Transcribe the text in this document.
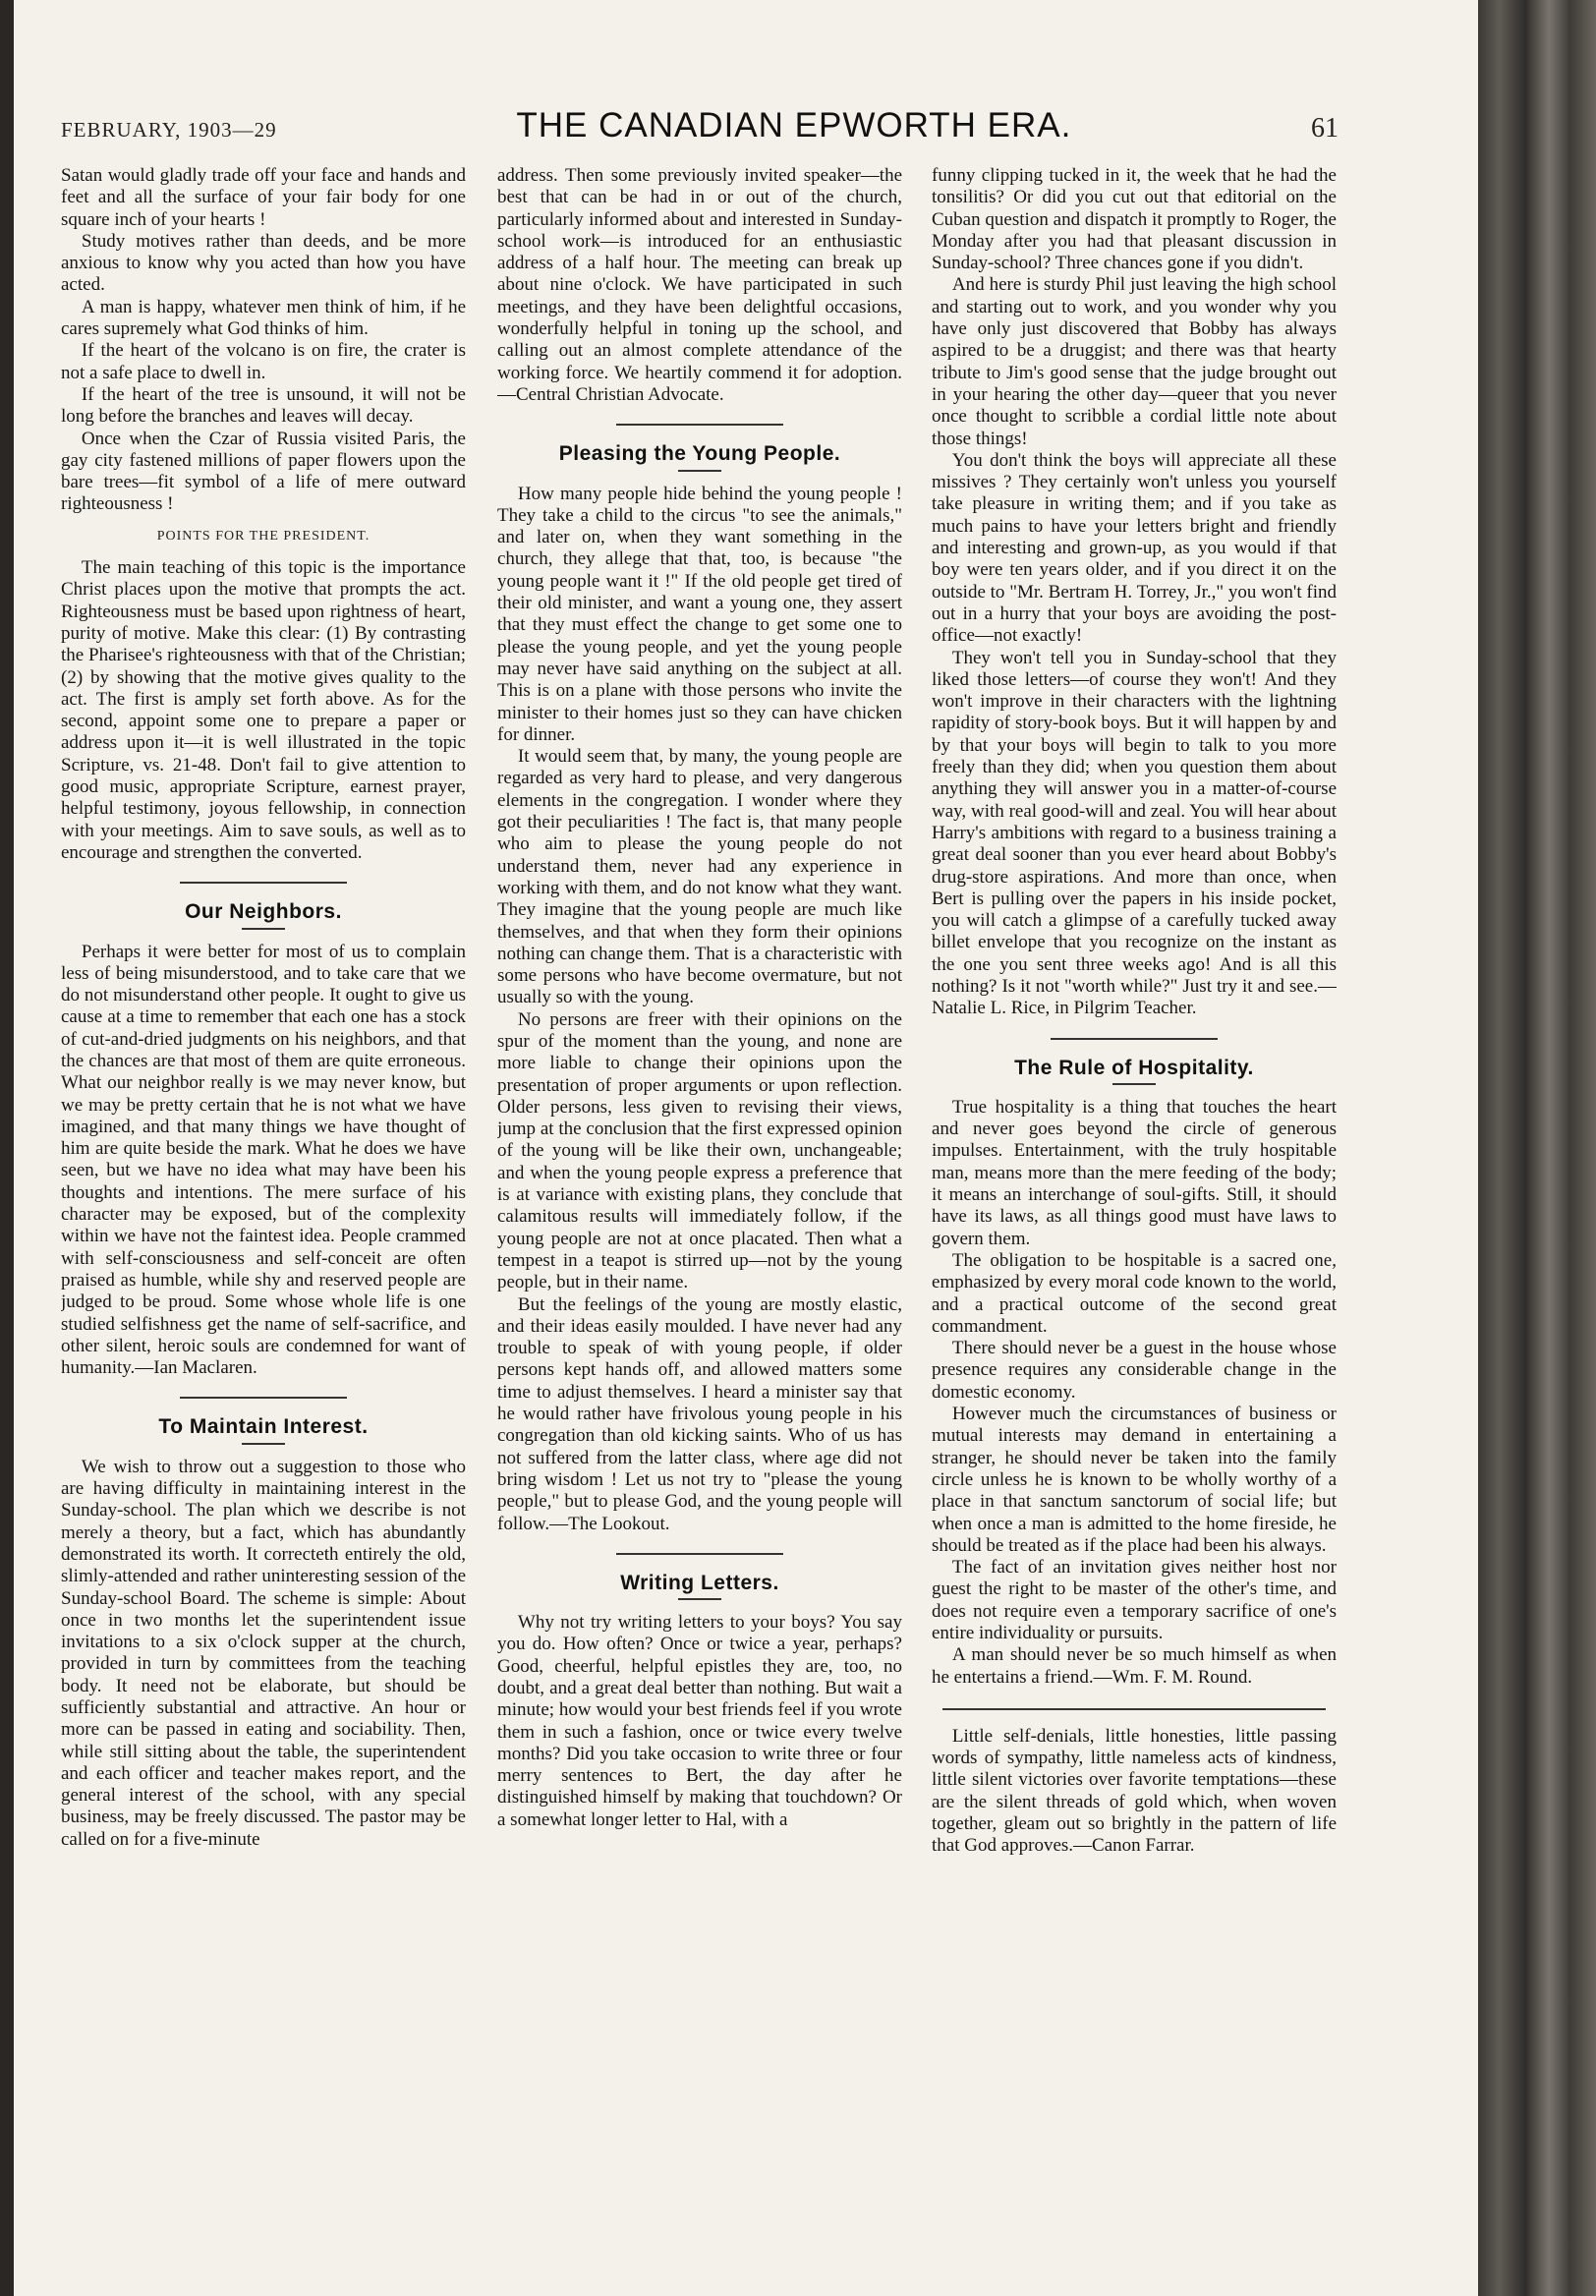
FEBRUARY, 1903—29	THE CANADIAN EPWORTH ERA.	61

Satan would gladly trade off your face and hands and feet and all the surface of your fair body for one square inch of your hearts !

Study motives rather than deeds, and be more anxious to know why you acted than how you have acted.

A man is happy, whatever men think of him, if he cares supremely what God thinks of him.

If the heart of the volcano is on fire, the crater is not a safe place to dwell in.

If the heart of the tree is unsound, it will not be long before the branches and leaves will decay.

Once when the Czar of Russia visited Paris, the gay city fastened millions of paper flowers upon the bare trees—fit symbol of a life of mere outward righteousness !

POINTS FOR THE PRESIDENT.

The main teaching of this topic is the importance Christ places upon the motive that prompts the act. Righteousness must be based upon rightness of heart, purity of motive. Make this clear: (1) By contrasting the Pharisee's righteousness with that of the Christian; (2) by showing that the motive gives quality to the act. The first is amply set forth above. As for the second, appoint some one to prepare a paper or address upon it—it is well illustrated in the topic Scripture, vs. 21-48. Don't fail to give attention to good music, appropriate Scripture, earnest prayer, helpful testimony, joyous fellowship, in connection with your meetings. Aim to save souls, as well as to encourage and strengthen the converted.

Our Neighbors.

Perhaps it were better for most of us to complain less of being misunderstood, and to take care that we do not misunderstand other people. It ought to give us cause at a time to remember that each one has a stock of cut-and-dried judgments on his neighbors, and that the chances are that most of them are quite erroneous. What our neighbor really is we may never know, but we may be pretty certain that he is not what we have imagined, and that many things we have thought of him are quite beside the mark. What he does we have seen, but we have no idea what may have been his thoughts and intentions. The mere surface of his character may be exposed, but of the complexity within we have not the faintest idea. People crammed with self-consciousness and self-conceit are often praised as humble, while shy and reserved people are judged to be proud. Some whose whole life is one studied selfishness get the name of self-sacrifice, and other silent, heroic souls are condemned for want of humanity.—Ian Maclaren.

To Maintain Interest.

We wish to throw out a suggestion to those who are having difficulty in maintaining interest in the Sunday-school. The plan which we describe is not merely a theory, but a fact, which has abundantly demonstrated its worth. It correcteth entirely the old, slimly-attended and rather uninteresting session of the Sunday-school Board. The scheme is simple: About once in two months let the superintendent issue invitations to a six o'clock supper at the church, provided in turn by committees from the teaching body. It need not be elaborate, but should be sufficiently substantial and attractive. An hour or more can be passed in eating and sociability. Then, while still sitting about the table, the superintendent and each officer and teacher makes report, and the general interest of the school, with any special business, may be freely discussed. The pastor may be called on for a five-minute

address. Then some previously invited speaker—the best that can be had in or out of the church, particularly informed about and interested in Sunday-school work—is introduced for an enthusiastic address of a half hour. The meeting can break up about nine o'clock. We have participated in such meetings, and they have been delightful occasions, wonderfully helpful in toning up the school, and calling out an almost complete attendance of the working force. We heartily commend it for adoption.—Central Christian Advocate.

Pleasing the Young People.

How many people hide behind the young people ! They take a child to the circus "to see the animals," and later on, when they want something in the church, they allege that that, too, is because "the young people want it !" If the old people get tired of their old minister, and want a young one, they assert that they must effect the change to get some one to please the young people, and yet the young people may never have said anything on the subject at all. This is on a plane with those persons who invite the minister to their homes just so they can have chicken for dinner.

It would seem that, by many, the young people are regarded as very hard to please, and very dangerous elements in the congregation. I wonder where they got their peculiarities ! The fact is, that many people who aim to please the young people do not understand them, never had any experience in working with them, and do not know what they want. They imagine that the young people are much like themselves, and that when they form their opinions nothing can change them. That is a characteristic with some persons who have become overmature, but not usually so with the young.

No persons are freer with their opinions on the spur of the moment than the young, and none are more liable to change their opinions upon the presentation of proper arguments or upon reflection. Older persons, less given to revising their views, jump at the conclusion that the first expressed opinion of the young will be like their own, unchangeable; and when the young people express a preference that is at variance with existing plans, they conclude that calamitous results will immediately follow, if the young people are not at once placated. Then what a tempest in a teapot is stirred up—not by the young people, but in their name.

But the feelings of the young are mostly elastic, and their ideas easily moulded. I have never had any trouble to speak of with young people, if older persons kept hands off, and allowed matters some time to adjust themselves. I heard a minister say that he would rather have frivolous young people in his congregation than old kicking saints. Who of us has not suffered from the latter class, where age did not bring wisdom ! Let us not try to "please the young people," but to please God, and the young people will follow.—The Lookout.

Writing Letters.

Why not try writing letters to your boys? You say you do. How often? Once or twice a year, perhaps? Good, cheerful, helpful epistles they are, too, no doubt, and a great deal better than nothing. But wait a minute; how would your best friends feel if you wrote them in such a fashion, once or twice every twelve months? Did you take occasion to write three or four merry sentences to Bert, the day after he distinguished himself by making that touchdown? Or a somewhat longer letter to Hal, with a

funny clipping tucked in it, the week that he had the tonsilitis? Or did you cut out that editorial on the Cuban question and dispatch it promptly to Roger, the Monday after you had that pleasant discussion in Sunday-school? Three chances gone if you didn't.

And here is sturdy Phil just leaving the high school and starting out to work, and you wonder why you have only just discovered that Bobby has always aspired to be a druggist; and there was that hearty tribute to Jim's good sense that the judge brought out in your hearing the other day—queer that you never once thought to scribble a cordial little note about those things!

You don't think the boys will appreciate all these missives ? They certainly won't unless you yourself take pleasure in writing them; and if you take as much pains to have your letters bright and friendly and interesting and grown-up, as you would if that boy were ten years older, and if you direct it on the outside to "Mr. Bertram H. Torrey, Jr.," you won't find out in a hurry that your boys are avoiding the post-office—not exactly!

They won't tell you in Sunday-school that they liked those letters—of course they won't! And they won't improve in their characters with the lightning rapidity of story-book boys. But it will happen by and by that your boys will begin to talk to you more freely than they did; when you question them about anything they will answer you in a matter-of-course way, with real good-will and zeal. You will hear about Harry's ambitions with regard to a business training a great deal sooner than you ever heard about Bobby's drug-store aspirations. And more than once, when Bert is pulling over the papers in his inside pocket, you will catch a glimpse of a carefully tucked away billet envelope that you recognize on the instant as the one you sent three weeks ago! And is all this nothing? Is it not "worth while?" Just try it and see.—Natalie L. Rice, in Pilgrim Teacher.

The Rule of Hospitality.

True hospitality is a thing that touches the heart and never goes beyond the circle of generous impulses. Entertainment, with the truly hospitable man, means more than the mere feeding of the body; it means an interchange of soul-gifts. Still, it should have its laws, as all things good must have laws to govern them.

The obligation to be hospitable is a sacred one, emphasized by every moral code known to the world, and a practical outcome of the second great commandment.

There should never be a guest in the house whose presence requires any considerable change in the domestic economy.

However much the circumstances of business or mutual interests may demand in entertaining a stranger, he should never be taken into the family circle unless he is known to be wholly worthy of a place in that sanctum sanctorum of social life; but when once a man is admitted to the home fireside, he should be treated as if the place had been his always.

The fact of an invitation gives neither host nor guest the right to be master of the other's time, and does not require even a temporary sacrifice of one's entire individuality or pursuits.

A man should never be so much himself as when he entertains a friend.—Wm. F. M. Round.

Little self-denials, little honesties, little passing words of sympathy, little nameless acts of kindness, little silent victories over favorite temptations—these are the silent threads of gold which, when woven together, gleam out so brightly in the pattern of life that God approves.—Canon Farrar.
